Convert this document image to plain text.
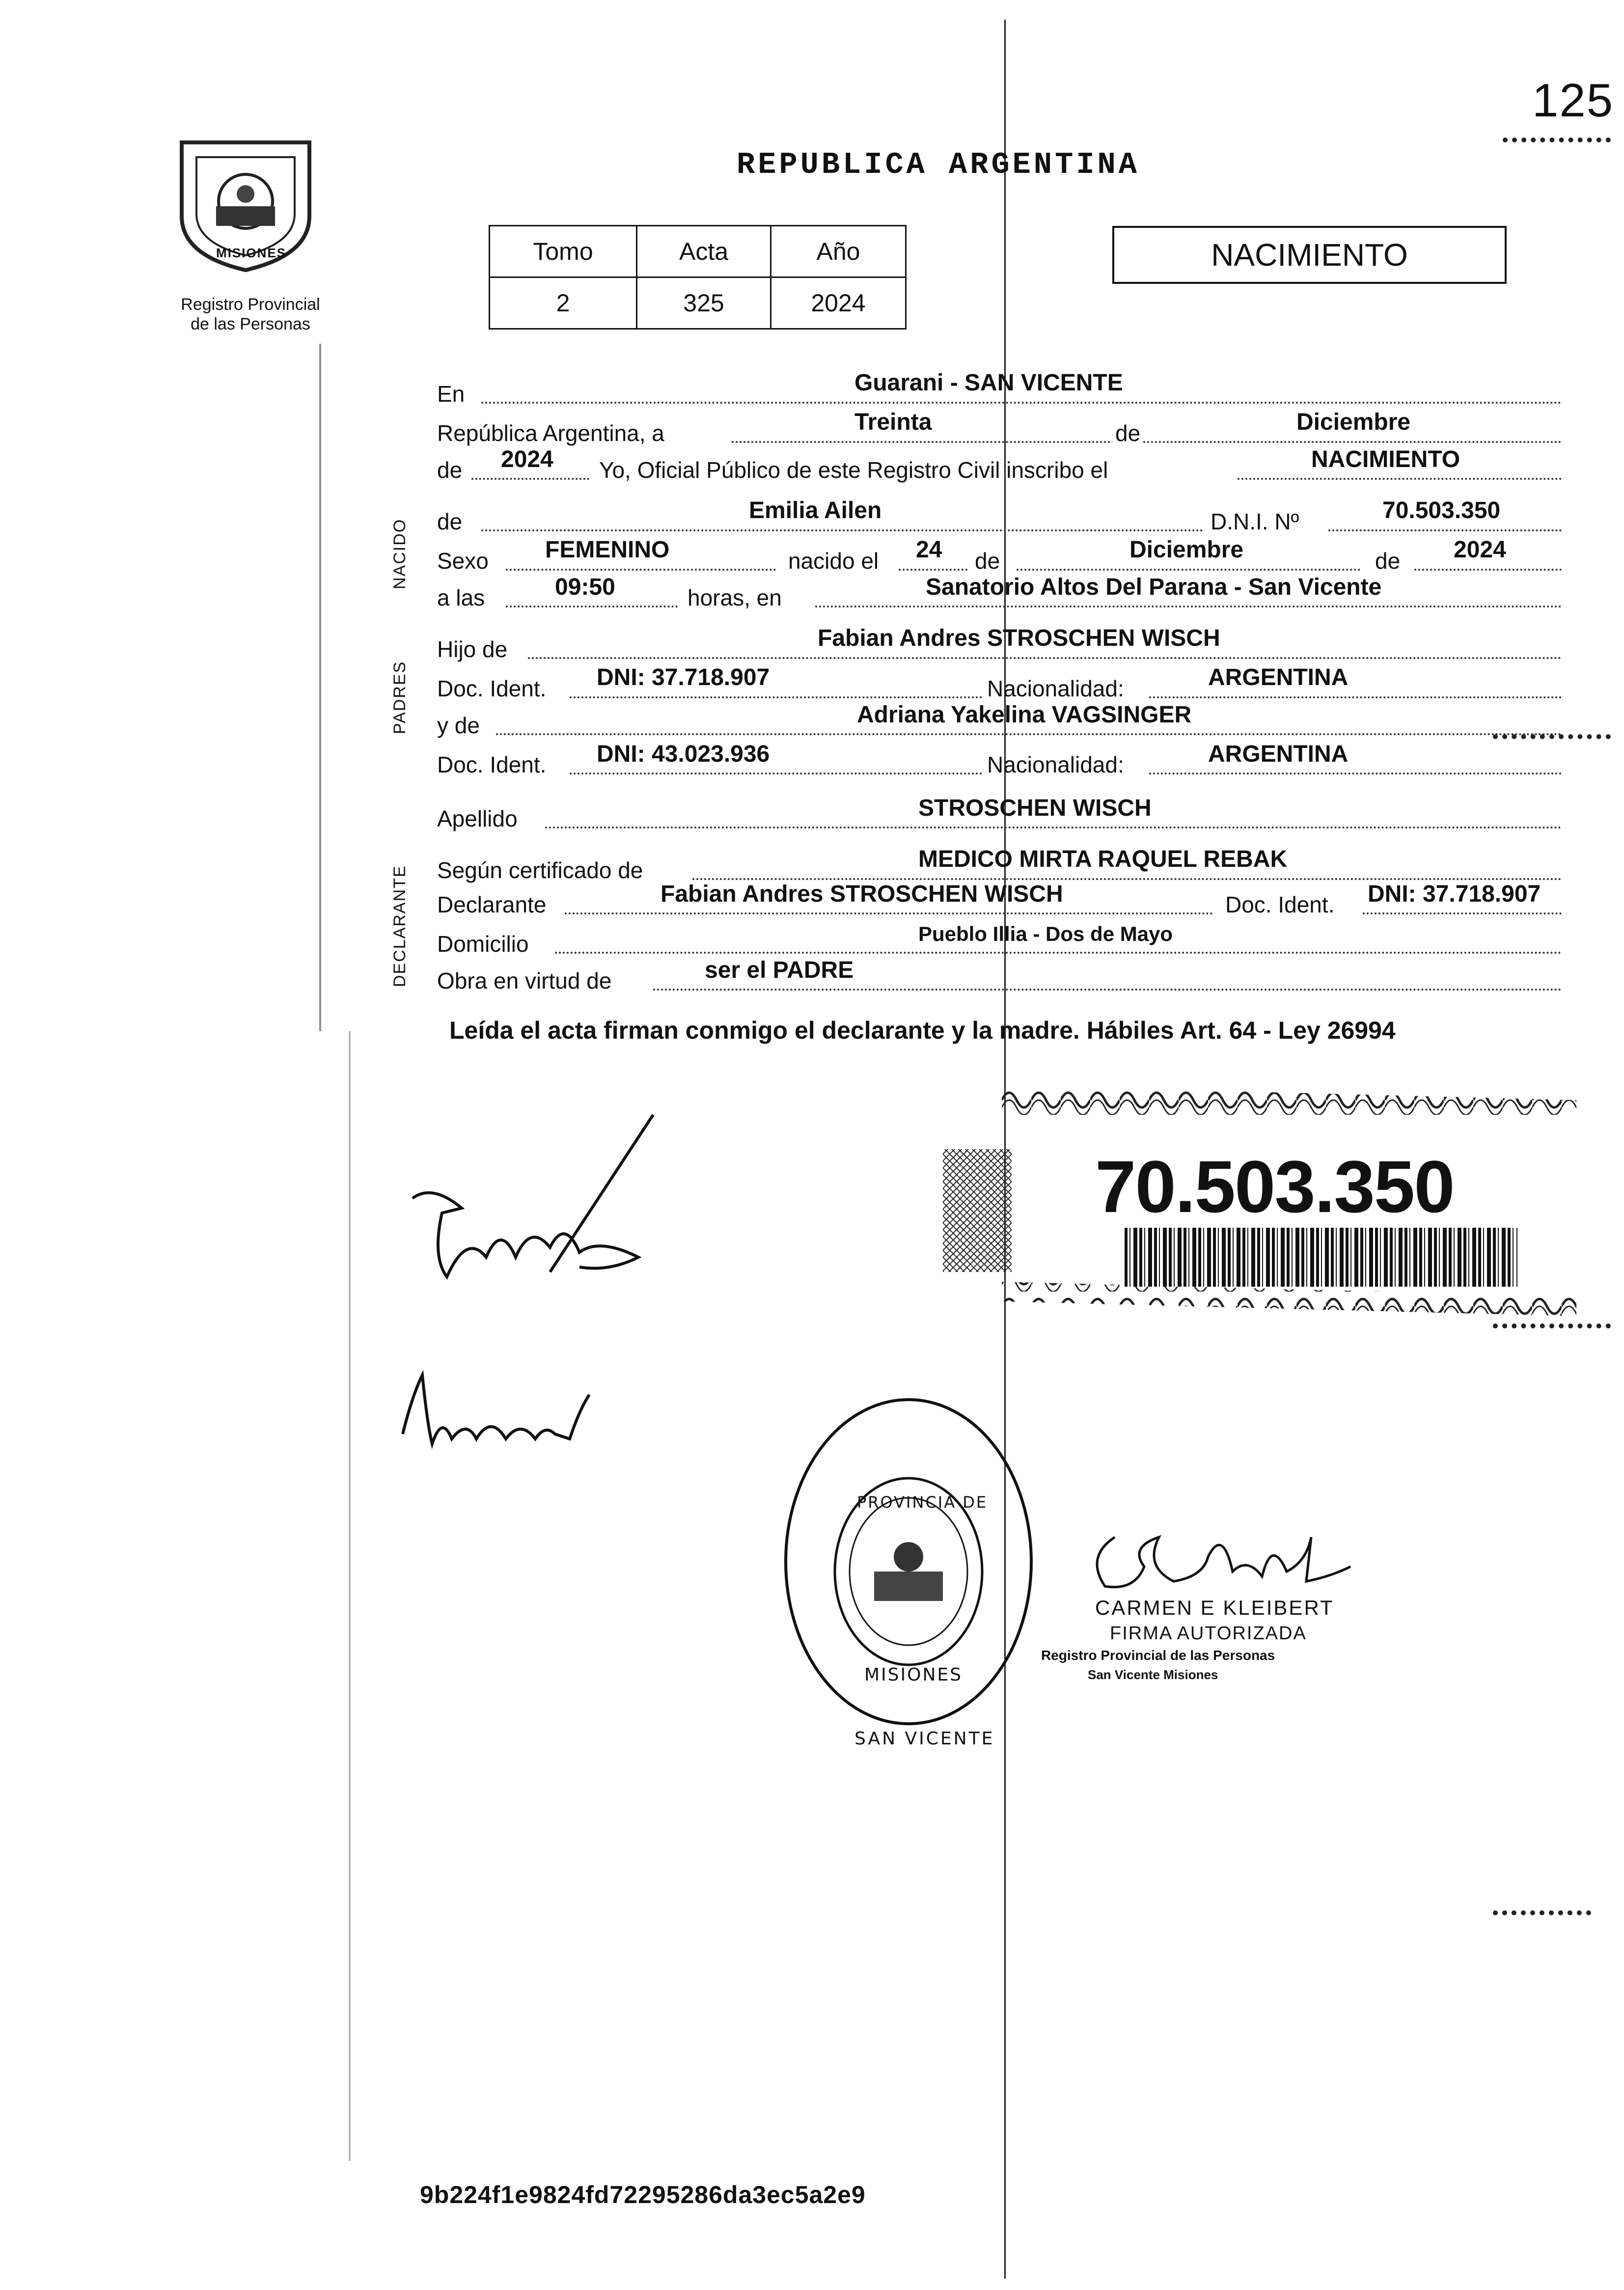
125
MISIONES
Registro Provincial
de las Personas
REPUBLICA ARGENTINA
Tomo	Acta	Año
2	325	2024
NACIMIENTO
NACIDO
PADRES
DECLARANTE
En	Guarani - SAN VICENTE
República Argentina, a	Treinta	de	Diciembre
de 2024 Yo, Oficial Público de este Registro Civil inscribo el	NACIMIENTO
de	Emilia Ailen	D.N.I. Nº	70.503.350
Sexo FEMENINO	nacido el 24 de	Diciembre	de 2024
a las	09:50	horas, en	Sanatorio Altos Del Parana - San Vicente
Hijo de	Fabian Andres STROSCHEN WISCH
Doc. Ident. DNI: 37.718.907	Nacionalidad:	ARGENTINA
y de	Adriana Yakelina VAGSINGER
Doc. Ident. DNI: 43.023.936	Nacionalidad:	ARGENTINA
Apellido	STROSCHEN WISCH
Según certificado de	MEDICO MIRTA RAQUEL REBAK
Declarante	Fabian Andres STROSCHEN WISCH	Doc. Ident. DNI: 37.718.907
Domicilio	Pueblo Illia - Dos de Mayo
Obra en virtud de	ser el PADRE
Leída el acta firman conmigo el declarante y la madre. Hábiles Art. 64 - Ley 26994
70.503.350
PROVINCIA DE
MISIONES
SAN VICENTE
CARMEN E KLEIBERT
FIRMA AUTORIZADA
Registro Provincial de las Personas
San Vicente Misiones
9b224f1e9824fd72295286da3ec5a2e9
